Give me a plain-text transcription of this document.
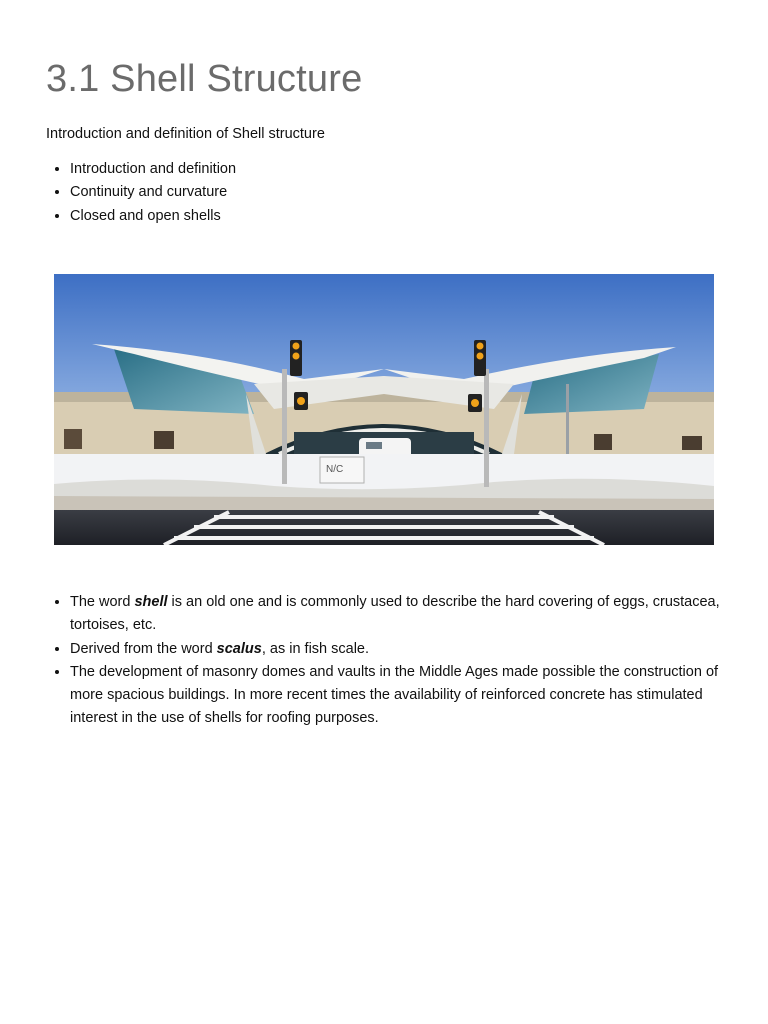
3.1 Shell Structure

Introduction and definition of Shell structure

• Introduction and definition
• Continuity and curvature
• Closed and open shells
N/C
• The word shell is an old one and is commonly used to describe the hard covering of eggs, crustacea, tortoises, etc.
• Derived from the word scalus, as in fish scale.
• The development of masonry domes and vaults in the Middle Ages made possible the construction of more spacious buildings. In more recent times the availability of reinforced concrete has stimulated interest in the use of shells for roofing purposes.
